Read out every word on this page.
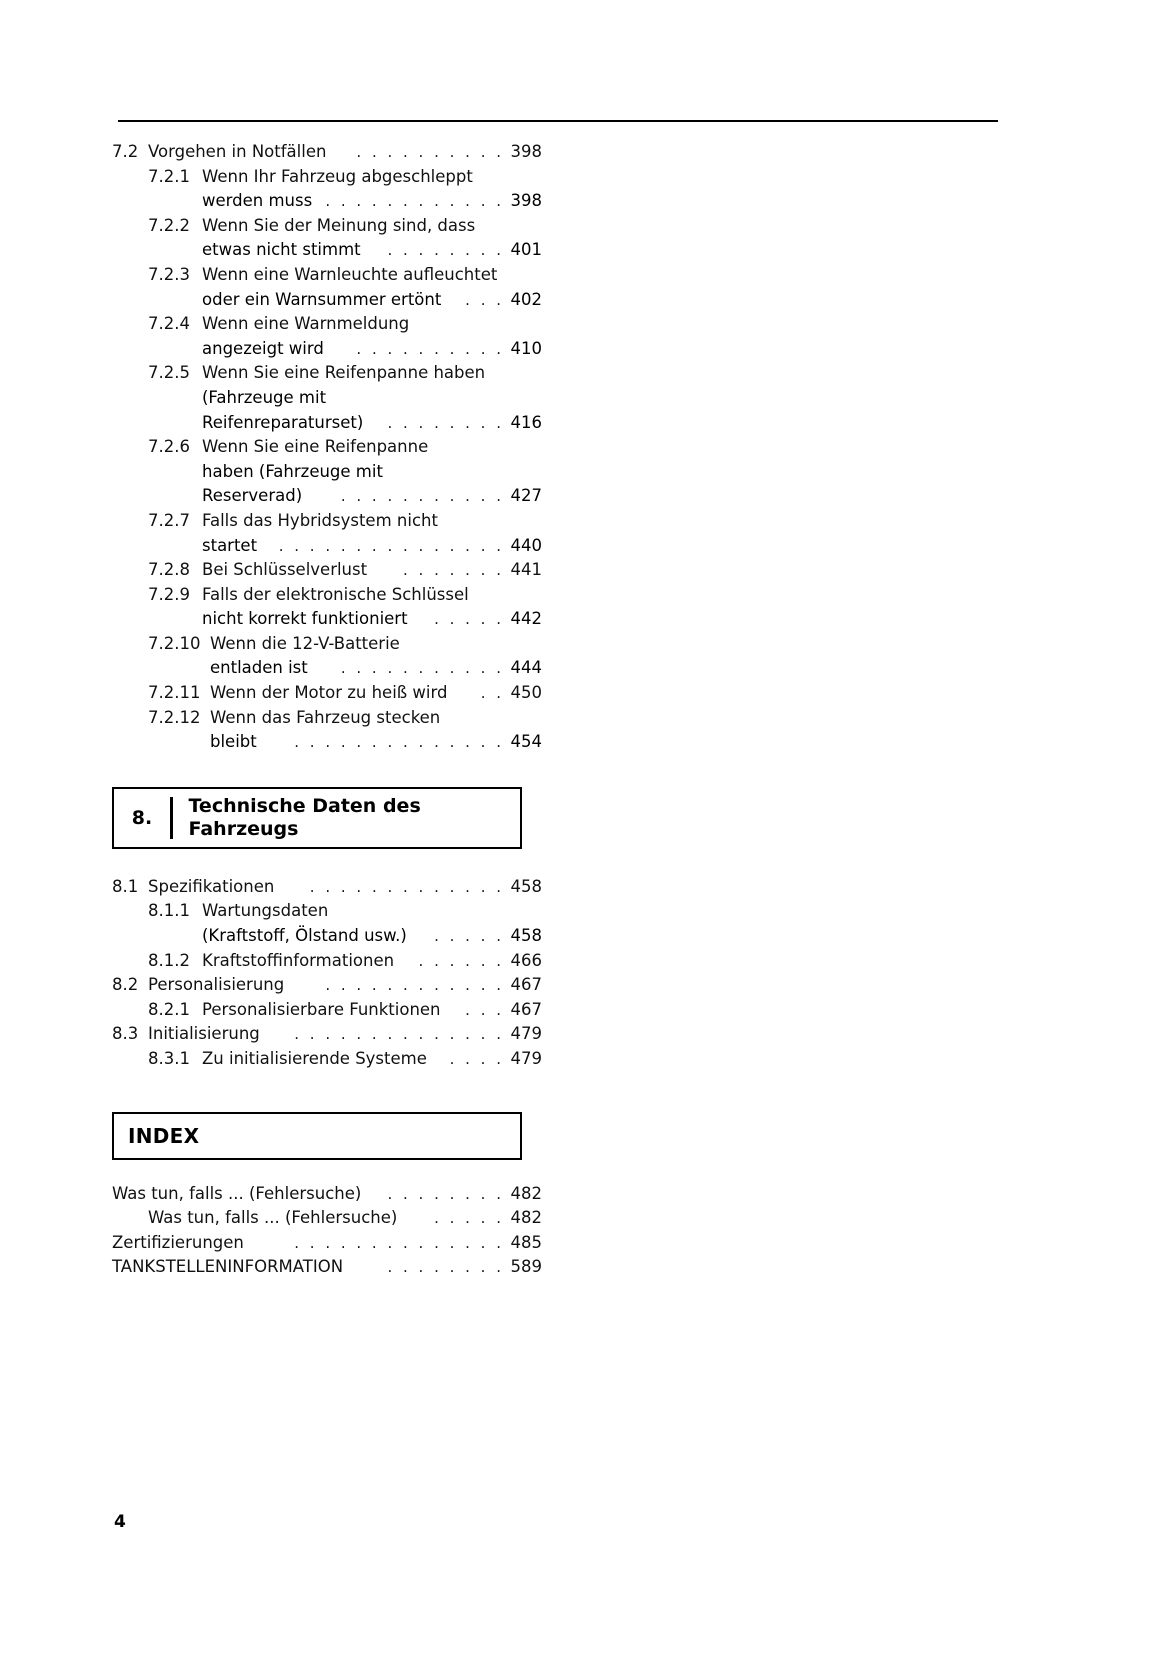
7.2 Vorgehen in Notfällen	. . . . . . . . . . 398
7.2.1 Wenn Ihr Fahrzeug abgeschleppt
werden muss . . . . . . . . . . . . 398
7.2.2 Wenn Sie der Meinung sind, dass
etwas nicht stimmt	. . . . . . . . 401
7.2.3 Wenn eine Warnleuchte aufleuchtet
oder ein Warnsummer ertönt	. . . 402
7.2.4 Wenn eine Warnmeldung
angezeigt wird	. . . . . . . . . . 410
7.2.5 Wenn Sie eine Reifenpanne haben
(Fahrzeuge mit
Reifenreparaturset)	. . . . . . . . 416
7.2.6 Wenn Sie eine Reifenpanne
haben (Fahrzeuge mit
Reserverad)	. . . . . . . . . . . 427
7.2.7 Falls das Hybridsystem nicht
startet	. . . . . . . . . . . . . . . 440
7.2.8 Bei Schlüsselverlust	. . . . . . . 441
7.2.9 Falls der elektronische Schlüssel
nicht korrekt funktioniert	. . . . . 442
7.2.10 Wenn die 12-V-Batterie
entladen ist	. . . . . . . . . . . 444
7.2.11 Wenn der Motor zu heiß wird	. . 450
7.2.12 Wenn das Fahrzeug stecken
bleibt	. . . . . . . . . . . . . . 454
8.
Technische Daten des
Fahrzeugs
8.1 Spezifikationen	. . . . . . . . . . . . . 458
8.1.1 Wartungsdaten
(Kraftstoff, Ölstand usw.)	. . . . . 458
8.1.2 Kraftstoffinformationen	. . . . . . 466
8.2 Personalisierung	. . . . . . . . . . . . 467
8.2.1 Personalisierbare Funktionen	. . . 467
8.3 Initialisierung	. . . . . . . . . . . . . . 479
8.3.1 Zu initialisierende Systeme	. . . . 479
INDEX
Was tun, falls ... (Fehlersuche)	. . . . . . . . 482
Was tun, falls ... (Fehlersuche)	. . . . . 482
Zertifizierungen	. . . . . . . . . . . . . . 485
TANKSTELLENINFORMATION	. . . . . . . . 589
4
